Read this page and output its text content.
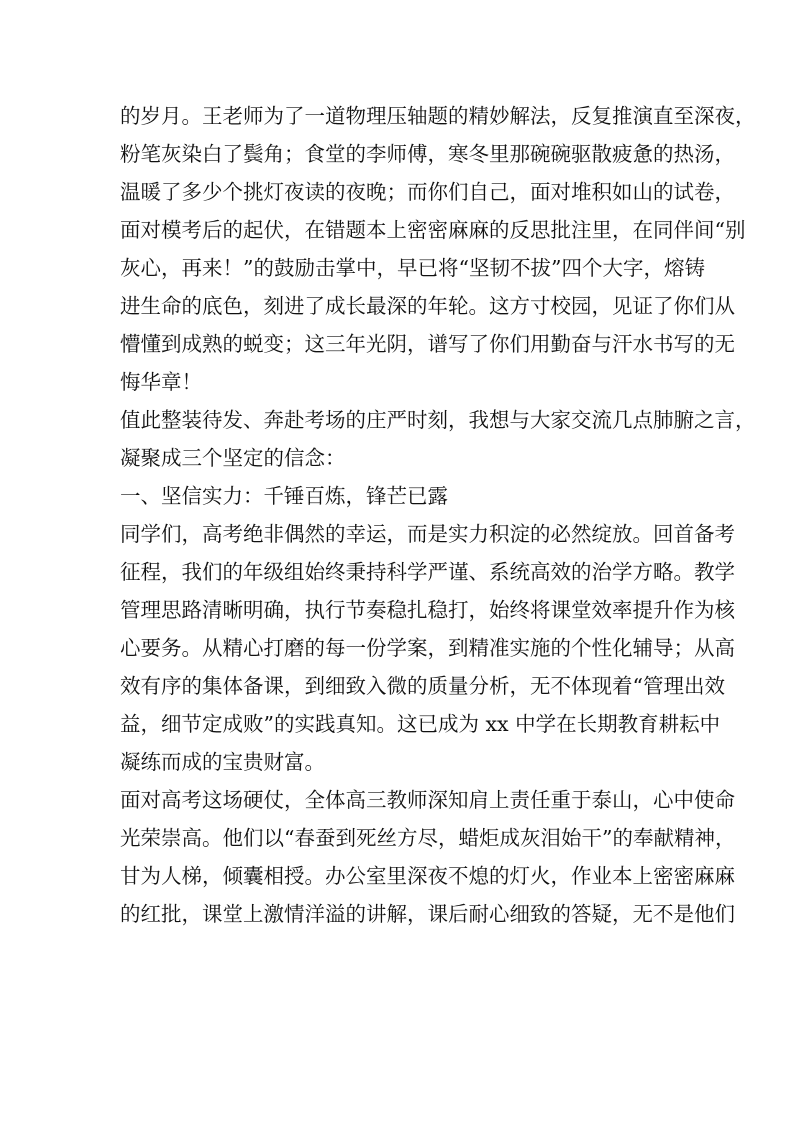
的岁月。王老师为了一道物理压轴题的精妙解法，反复推演直至深夜，
粉笔灰染白了鬓角；食堂的李师傅，寒冬里那碗碗驱散疲惫的热汤，
温暖了多少个挑灯夜读的夜晚；而你们自己，面对堆积如山的试卷，
面对模考后的起伏，在错题本上密密麻麻的反思批注里，在同伴间“别
灰心，再来！”的鼓励击掌中，早已将“坚韧不拔”四个大字，熔铸
进生命的底色，刻进了成长最深的年轮。这方寸校园，见证了你们从
懵懂到成熟的蜕变；这三年光阴，谱写了你们用勤奋与汗水书写的无
悔华章！
值此整装待发、奔赴考场的庄严时刻，我想与大家交流几点肺腑之言，
凝聚成三个坚定的信念：
一、坚信实力：千锤百炼，锋芒已露
同学们，高考绝非偶然的幸运，而是实力积淀的必然绽放。回首备考
征程，我们的年级组始终秉持科学严谨、系统高效的治学方略。教学
管理思路清晰明确，执行节奏稳扎稳打，始终将课堂效率提升作为核
心要务。从精心打磨的每一份学案，到精准实施的个性化辅导；从高
效有序的集体备课，到细致入微的质量分析，无不体现着“管理出效
益，细节定成败”的实践真知。这已成为 xx 中学在长期教育耕耘中
凝练而成的宝贵财富。
面对高考这场硬仗，全体高三教师深知肩上责任重于泰山，心中使命
光荣崇高。他们以“春蚕到死丝方尽，蜡炬成灰泪始干”的奉献精神，
甘为人梯，倾囊相授。办公室里深夜不熄的灯火，作业本上密密麻麻
的红批，课堂上激情洋溢的讲解，课后耐心细致的答疑，无不是他们
